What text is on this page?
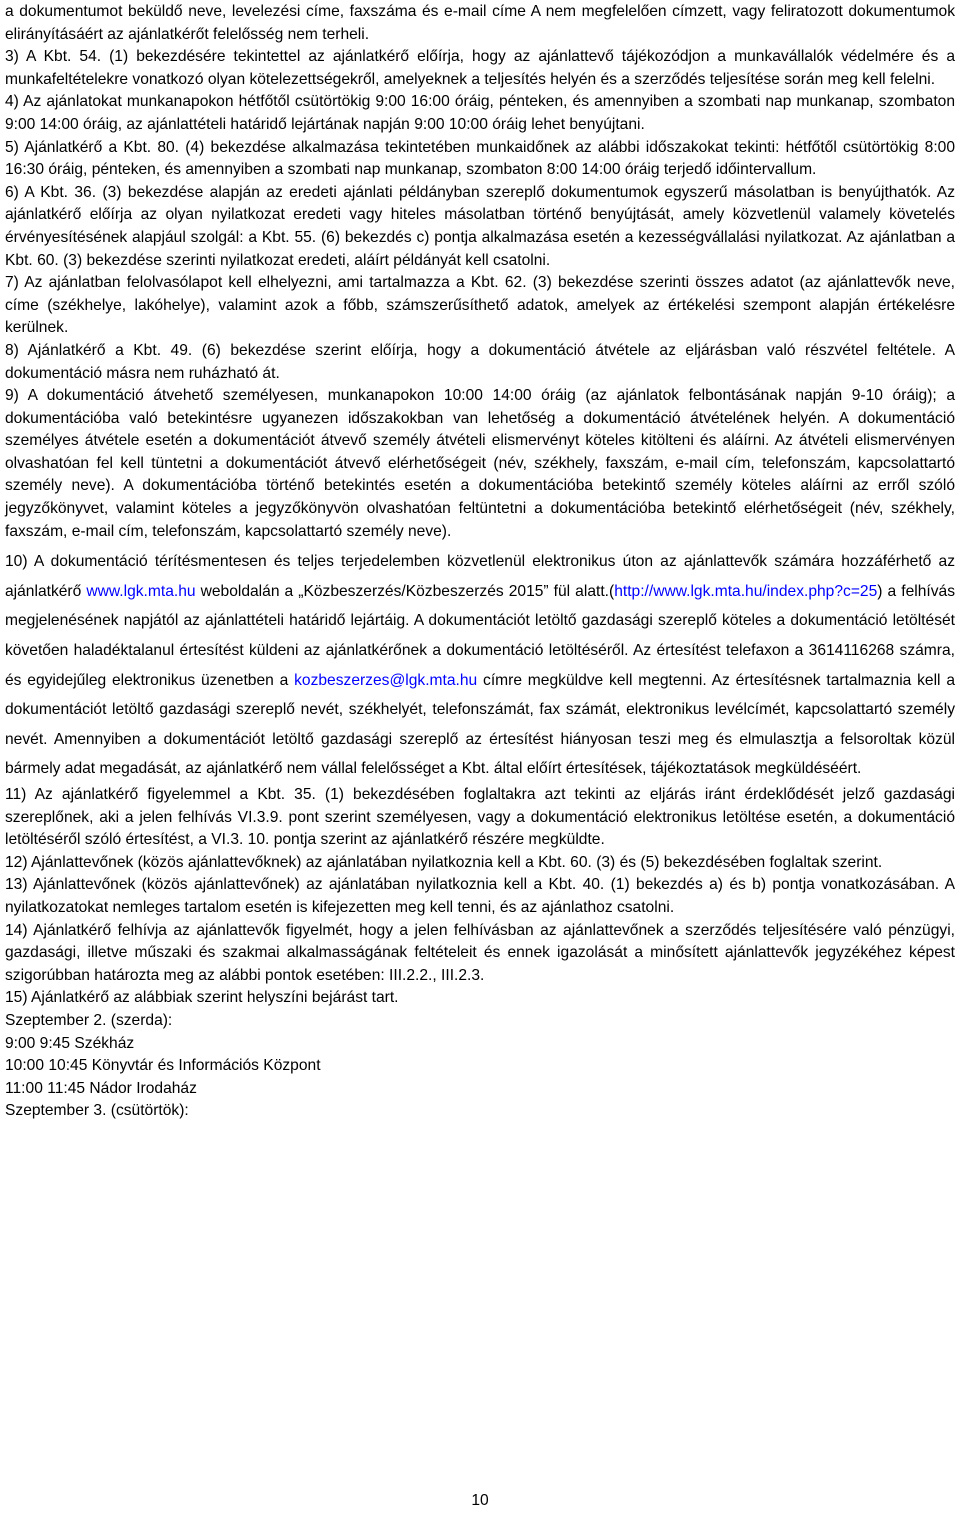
a dokumentumot beküldő neve, levelezési címe, faxszáma és e-mail címe A nem megfelelően címzett, vagy feliratozott dokumentumok elirányításáért az ajánlatkérőt felelősség nem terheli.

3) A Kbt. 54. (1) bekezdésére tekintettel az ajánlatkérő előírja, hogy az ajánlattevő tájékozódjon a munkavállalók védelmére és a munkafeltételekre vonatkozó olyan kötelezettségekről, amelyeknek a teljesítés helyén és a szerződés teljesítése során meg kell felelni.

4) Az ajánlatokat munkanapokon hétfőtől csütörtökig 9:00 16:00 óráig, pénteken, és amennyiben a szombati nap munkanap, szombaton 9:00 14:00 óráig, az ajánlattételi határidő lejártának napján 9:00 10:00 óráig lehet benyújtani.

5) Ajánlatkérő a Kbt. 80. (4) bekezdése alkalmazása tekintetében munkaidőnek az alábbi időszakokat tekinti: hétfőtől csütörtökig 8:00 16:30 óráig, pénteken, és amennyiben a szombati nap munkanap, szombaton 8:00 14:00 óráig terjedő időintervallum.

6) A Kbt. 36. (3) bekezdése alapján az eredeti ajánlati példányban szereplő dokumentumok egyszerű másolatban is benyújthatók. Az ajánlatkérő előírja az olyan nyilatkozat eredeti vagy hiteles másolatban történő benyújtását, amely közvetlenül valamely követelés érvényesítésének alapjául szolgál: a Kbt. 55. (6) bekezdés c) pontja alkalmazása esetén a kezességvállalási nyilatkozat. Az ajánlatban a Kbt. 60. (3) bekezdése szerinti nyilatkozat eredeti, aláírt példányát kell csatolni.

7) Az ajánlatban felolvasólapot kell elhelyezni, ami tartalmazza a Kbt. 62. (3) bekezdése szerinti összes adatot (az ajánlattevők neve, címe (székhelye, lakóhelye), valamint azok a főbb, számszerűsíthető adatok, amelyek az értékelési szempont alapján értékelésre kerülnek.

8) Ajánlatkérő a Kbt. 49. (6) bekezdése szerint előírja, hogy a dokumentáció átvétele az eljárásban való részvétel feltétele. A dokumentáció másra nem ruházható át.

9) A dokumentáció átvehető személyesen, munkanapokon 10:00 14:00 óráig (az ajánlatok felbontásának napján 9-10 óráig); a dokumentációba való betekintésre ugyanezen időszakokban van lehetőség a dokumentáció átvételének helyén. A dokumentáció személyes átvétele esetén a dokumentációt átvevő személy átvételi elismervényt köteles kitölteni és aláírni. Az átvételi elismervényen olvashatóan fel kell tüntetni a dokumentációt átvevő elérhetőségeit (név, székhely, faxszám, e-mail cím, telefonszám, kapcsolattartó személy neve). A dokumentációba történő betekintés esetén a dokumentációba betekintő személy köteles aláírni az erről szóló jegyzőkönyvet, valamint köteles a jegyzőkönyvön olvashatóan feltüntetni a dokumentációba betekintő elérhetőségeit (név, székhely, faxszám, e-mail cím, telefonszám, kapcsolattartó személy neve).

10) A dokumentáció térítésmentesen és teljes terjedelemben közvetlenül elektronikus úton az ajánlattevők számára hozzáférhető az ajánlatkérő www.lgk.mta.hu weboldalán a „Közbeszerzés/Közbeszerzés 2015” fül alatt.(http://www.lgk.mta.hu/index.php?c=25) a felhívás megjelenésének napjától az ajánlattételi határidő lejártáig. A dokumentációt letöltő gazdasági szereplő köteles a dokumentáció letöltését követően haladéktalanul értesítést küldeni az ajánlatkérőnek a dokumentáció letöltéséről. Az értesítést telefaxon a 3614116268 számra, és egyidejűleg elektronikus üzenetben a kozbeszerzes@lgk.mta.hu címre megküldve kell megtenni. Az értesítésnek tartalmaznia kell a dokumentációt letöltő gazdasági szereplő nevét, székhelyét, telefonszámát, fax számát, elektronikus levélcímét, kapcsolattartó személy nevét. Amennyiben a dokumentációt letöltő gazdasági szereplő az értesítést hiányosan teszi meg és elmulasztja a felsoroltak közül bármely adat megadását, az ajánlatkérő nem vállal felelősséget a Kbt. által előírt értesítések, tájékoztatások megküldéséért.

11) Az ajánlatkérő figyelemmel a Kbt. 35. (1) bekezdésében foglaltakra azt tekinti az eljárás iránt érdeklődését jelző gazdasági szereplőnek, aki a jelen felhívás VI.3.9. pont szerint személyesen, vagy a dokumentáció elektronikus letöltése esetén, a dokumentáció letöltéséről szóló értesítést, a VI.3. 10. pontja szerint az ajánlatkérő részére megküldte.

12) Ajánlattevőnek (közös ajánlattevőknek) az ajánlatában nyilatkoznia kell a Kbt. 60. (3) és (5) bekezdésében foglaltak szerint.

13) Ajánlattevőnek (közös ajánlattevőnek) az ajánlatában nyilatkoznia kell a Kbt. 40. (1) bekezdés a) és b) pontja vonatkozásában. A nyilatkozatokat nemleges tartalom esetén is kifejezetten meg kell tenni, és az ajánlathoz csatolni.

14) Ajánlatkérő felhívja az ajánlattevők figyelmét, hogy a jelen felhívásban az ajánlattevőnek a szerződés teljesítésére való pénzügyi, gazdasági, illetve műszaki és szakmai alkalmasságának feltételeit és ennek igazolását a minősített ajánlattevők jegyzékéhez képest szigorúbban határozta meg az alábbi pontok esetében: III.2.2., III.2.3.

15) Ajánlatkérő az alábbiak szerint helyszíni bejárást tart.
Szeptember 2. (szerda):
9:00 9:45 Székház
10:00 10:45 Könyvtár és Információs Központ
11:00 11:45 Nádor Irodaház
Szeptember 3. (csütörtök):
10
